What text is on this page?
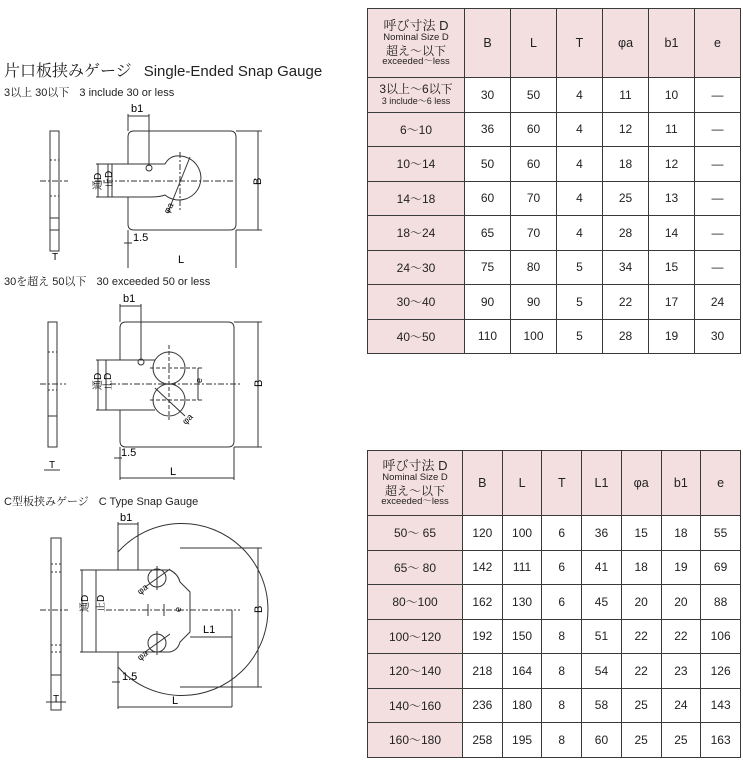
片口板挟みゲージ Single-Ended Snap Gauge
3以上 30以下 3 include 30 or less
30を超え 50以下 30 exceeded 50 or less
C型板挟みゲージ C Type Snap Gauge
b1
B
1.5
L
T
通D 止D
φa
b1
B
e
1.5
L
T
通D 止D
φa
b1
B
L1
e
1.5
L
T
通D 止D
φa
φa
呼び寸法 D
Nominal Size D
超え～以下
exceeded～less	B	L	T	φa	b1	e

3以上～6以下
3 include～6 less	30	50	4	11	10	—
6～10	36	60	4	12	11	—
10～14	50	60	4	18	12	—
14～18	60	70	4	25	13	—
18～24	65	70	4	28	14	—
24～30	75	80	5	34	15	—
30～40	90	90	5	22	17	24
40～50	110	100	5	28	19	30
呼び寸法 D
Nominal Size D
超え～以下
exceeded～less	B	L	T	L1	φa	b1	e
50～ 65	120	100	6	36	15	18	55
65～ 80	142	111	6	41	18	19	69
80～100	162	130	6	45	20	20	88
100～120	192	150	8	51	22	22	106
120～140	218	164	8	54	22	23	126
140～160	236	180	8	58	25	24	143
160～180	258	195	8	60	25	25	163
